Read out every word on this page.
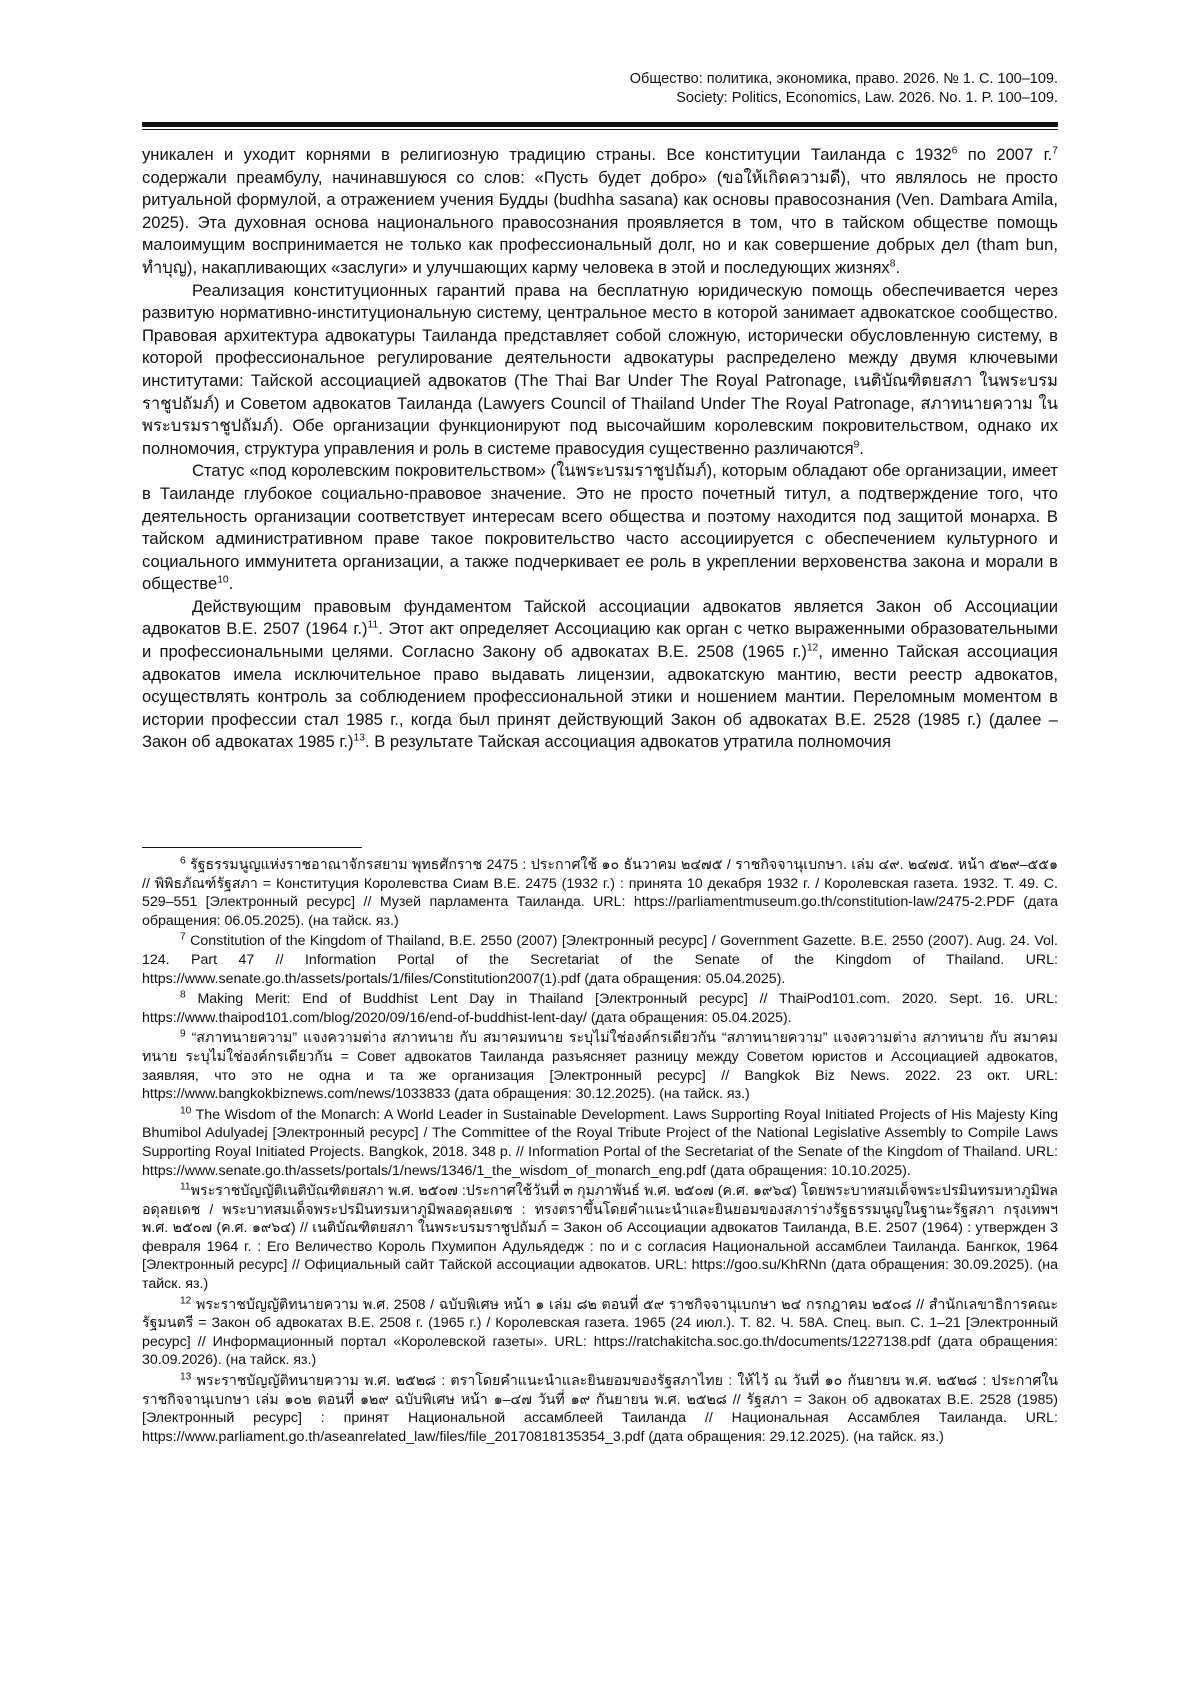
Общество: политика, экономика, право. 2026. № 1. С. 100–109.
Society: Politics, Economics, Law. 2026. No. 1. P. 100–109.

уникален и уходит корнями в религиозную традицию страны. Все конституции Таиланда с 1932$^6$ по 2007 г.$^7$ содержали преамбулу, начинавшуюся со слов: «Пусть будет добро» (ขอให้เกิดความดี), что являлось не просто ритуальной формулой, а отражением учения Будды (budhha sasana) как основы правосознания (Ven. Dambara Amila, 2025). Эта духовная основа национального правосознания проявляется в том, что в тайском обществе помощь малоимущим воспринимается не только как профессиональный долг, но и как совершение добрых дел (tham bun, ทำบุญ), накапливающих «заслуги» и улучшающих карму человека в этой и последующих жизнях$^8$.

Реализация конституционных гарантий права на бесплатную юридическую помощь обеспечивается через развитую нормативно-институциональную систему, центральное место в которой занимает адвокатское сообщество. Правовая архитектура адвокатуры Таиланда представляет собой сложную, исторически обусловленную систему, в которой профессиональное регулирование деятельности адвокатуры распределено между двумя ключевыми институтами: Тайской ассоциацией адвокатов (The Thai Bar Under The Royal Patronage, เนติบัณฑิตยสภา ในพระบรมราชูปถัมภ์) и Советом адвокатов Таиланда (Lawyers Council of Thailand Under The Royal Patronage, สภาทนายความ ในพระบรมราชูปถัมภ์). Обе организации функционируют под высочайшим королевским покровительством, однако их полномочия, структура управления и роль в системе правосудия существенно различаются$^9$.

Статус «под королевским покровительством» (ในพระบรมราชูปถัมภ์), которым обладают обе организации, имеет в Таиланде глубокое социально-правовое значение. Это не просто почетный титул, а подтверждение того, что деятельность организации соответствует интересам всего общества и поэтому находится под защитой монарха. В тайском административном праве такое покровительство часто ассоциируется с обеспечением культурного и социального иммунитета организации, а также подчеркивает ее роль в укреплении верховенства закона и морали в обществе$^{10}$.

Действующим правовым фундаментом Тайской ассоциации адвокатов является Закон об Ассоциации адвокатов B.E. 2507 (1964 г.)$^{11}$. Этот акт определяет Ассоциацию как орган с четко выраженными образовательными и профессиональными целями. Согласно Закону об адвокатах B.E. 2508 (1965 г.)$^{12}$, именно Тайская ассоциация адвокатов имела исключительное право выдавать лицензии, адвокатскую мантию, вести реестр адвокатов, осуществлять контроль за соблюдением профессиональной этики и ношением мантии. Переломным моментом в истории профессии стал 1985 г., когда был принят действующий Закон об адвокатах B.E. 2528 (1985 г.) (далее – Закон об адвокатах 1985 г.)$^{13}$. В результате Тайская ассоциация адвокатов утратила полномочия

$^6$ รัฐธรรมนูญแห่งราชอาณาจักรสยาม พุทธศักราช 2475 : ประกาศใช้ ๑๐ ธันวาคม ๒๔๗๕ / ราชกิจจานุเบกษา. เล่ม ๔๙. ๒๔๗๕. หน้า ๕๒๙–๕๕๑ // พิพิธภัณฑ์รัฐสภา = Конституция Королевства Сиам B.E. 2475 (1932 г.) : принята 10 декабря 1932 г. / Королевская газета. 1932. Т. 49. С. 529–551 [Электронный ресурс] // Музей парламента Таиланда. URL: https://parliamentmuseum.go.th/constitution-law/2475-2.PDF (дата обращения: 06.05.2025). (на тайск. яз.)

$^7$ Constitution of the Kingdom of Thailand, B.E. 2550 (2007) [Электронный ресурс] / Government Gazette. B.E. 2550 (2007). Aug. 24. Vol. 124. Part 47 // Information Portal of the Secretariat of the Senate of the Kingdom of Thailand. URL: https://www.senate.go.th/assets/portals/1/files/Constitution2007(1).pdf (дата обращения: 05.04.2025).

$^8$ Making Merit: End of Buddhist Lent Day in Thailand [Электронный ресурс] // ThaiPod101.com. 2020. Sept. 16. URL: https://www.thaipod101.com/blog/2020/09/16/end-of-buddhist-lent-day/ (дата обращения: 05.04.2025).

$^9$ “สภาทนายความ” แจงความต่าง สภาทนาย กับ สมาคมทนาย ระบุไม่ใช่องค์กรเดียวกัน “สภาทนายความ” แจงความต่าง สภาทนาย กับ สมาคมทนาย ระบุไม่ใช่องค์กรเดียวกัน = Совет адвокатов Таиланда разъясняет разницу между Советом юристов и Ассоциацией адвокатов, заявляя, что это не одна и та же организация [Электронный ресурс] // Bangkok Biz News. 2022. 23 окт. URL: https://www.bangkokbiznews.com/news/1033833 (дата обращения: 30.12.2025). (на тайск. яз.)

$^{10}$ The Wisdom of the Monarch: A World Leader in Sustainable Development. Laws Supporting Royal Initiated Projects of His Majesty King Bhumibol Adulyadej [Электронный ресурс] / The Committee of the Royal Tribute Project of the National Legislative Assembly to Compile Laws Supporting Royal Initiated Projects. Bangkok, 2018. 348 p. // Information Portal of the Secretariat of the Senate of the Kingdom of Thailand. URL: https://www.senate.go.th/assets/portals/1/news/1346/1_the_wisdom_of_monarch_eng.pdf (дата обращения: 10.10.2025).

$^{11}$พระราชบัญญัติเนติบัณฑิตยสภา พ.ศ. ๒๕๐๗ :ประกาศใช้วันที่ ๓ กุมภาพันธ์ พ.ศ. ๒๕๐๗ (ค.ศ. ๑๙๖๔) โดยพระบาทสมเด็จพระปรมินทรมหาภูมิพลอดุลยเดช / พระบาทสมเด็จพระปรมินทรมหาภูมิพลอดุลยเดช : ทรงตราขึ้นโดยคำแนะนำและยินยอมของสภาร่างรัฐธรรมนูญในฐานะรัฐสภา กรุงเทพฯ พ.ศ. ๒๕๐๗ (ค.ศ. ๑๙๖๔) // เนติบัณฑิตยสภา ในพระบรมราชูปถัมภ์ = Закон об Ассоциации адвокатов Таиланда, B.E. 2507 (1964) : утвержден 3 февраля 1964 г. : Его Величество Король Пхумипон Адульядедж : по и с согласия Национальной ассамблеи Таиланда. Бангкок, 1964 [Электронный ресурс] // Официальный сайт Тайской ассоциации адвокатов. URL: https://goo.su/KhRNn (дата обращения: 30.09.2025). (на тайск. яз.)

$^{12}$ พระราชบัญญัติทนายความ พ.ศ. 2508 / ฉบับพิเศษ หน้า ๑ เล่ม ๘๒ ตอนที่ ๕๙ ราชกิจจานุเบกษา ๒๔ กรกฎาคม ๒๕๐๘ // สำนักเลขาธิการคณะรัฐมนตรี = Закон об адвокатах B.E. 2508 г. (1965 г.) / Королевская газета. 1965 (24 июл.). Т. 82. Ч. 58А. Спец. вып. С. 1–21 [Электронный ресурс] // Информационный портал «Королевской газеты». URL: https://ratchakitcha.soc.go.th/documents/1227138.pdf (дата обращения: 30.09.2026). (на тайск. яз.)

$^{13}$ พระราชบัญญัติทนายความ พ.ศ. ๒๕๒๘ : ตราโดยคำแนะนำและยินยอมของรัฐสภาไทย : ให้ไว้ ณ วันที่ ๑๐ กันยายน พ.ศ. ๒๕๒๘ : ประกาศในราชกิจจานุเบกษา เล่ม ๑๐๒ ตอนที่ ๑๒๙ ฉบับพิเศษ หน้า ๑–๔๗ วันที่ ๑๙ กันยายน พ.ศ. ๒๕๒๘ // รัฐสภา = Закон об адвокатах B.E. 2528 (1985) [Электронный ресурс] : принят Национальной ассамблеей Таиланда // Национальная Ассамблея Таиланда. URL: https://www.parliament.go.th/aseanrelated_law/files/file_20170818135354_3.pdf (дата обращения: 29.12.2025). (на тайск. яз.)
